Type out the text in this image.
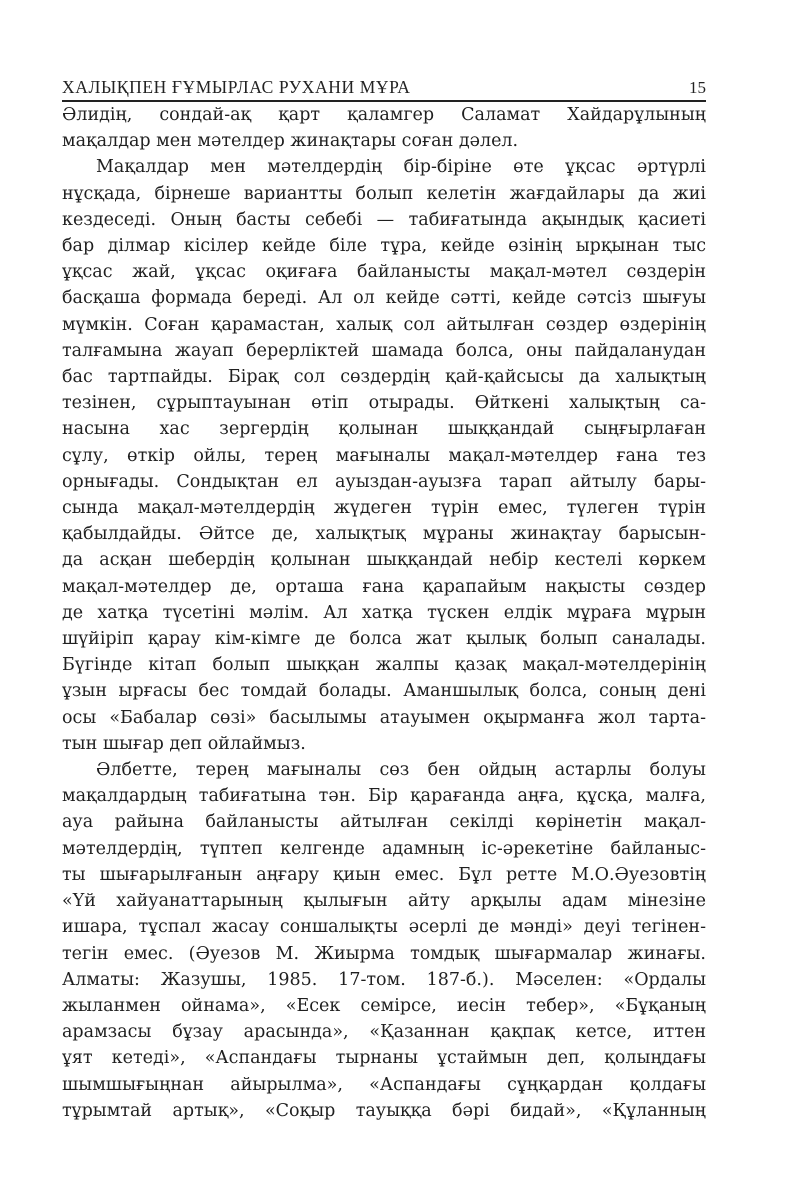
ХАЛЫҚПЕН ҒҰМЫРЛАС РУХАНИ МҰРА	15
Әлидің, сондай-ақ қарт қаламгер Саламат Хайдарұлының
мақалдар мен мәтелдер жинақтары соған дәлел.
Мақалдар мен мәтелдердің бір-біріне өте ұқсас әртүрлі
нұсқада, бірнеше вариантты болып келетін жағдайлары да жиі
кездеседі. Оның басты себебі — табиғатында ақындық қасиеті
бар ділмар кісілер кейде біле тұра, кейде өзінің ырқынан тыс
ұқсас жай, ұқсас оқиғаға байланысты мақал-мәтел сөздерін
басқаша формада береді. Ал ол кейде сәтті, кейде сәтсіз шығуы
мүмкін. Соған қарамастан, халық сол айтылған сөздер өздерінің
талғамына жауап берерліктей шамада болса, оны пайдаланудан
бас тартпайды. Бірақ сол сөздердің қай-қайсысы да халықтың
тезінен, сұрыптауынан өтіп отырады. Өйткені халықтың са-
насына хас зергердің қолынан шыққандай сыңғырлаған
сұлу, өткір ойлы, терең мағыналы мақал-мәтелдер ғана тез
орнығады. Сондықтан ел ауыздан-ауызға тарап айтылу бары-
сында мақал-мәтелдердің жүдеген түрін емес, түлеген түрін
қабылдайды. Әйтсе де, халықтық мұраны жинақтау барысын-
да асқан шебердің қолынан шыққандай небір кестелі көркем
мақал-мәтелдер де, орташа ғана қарапайым нақысты сөздер
де хатқа түсетіні мәлім. Ал хатқа түскен елдік мұраға мұрын
шүйіріп қарау кім-кімге де болса жат қылық болып саналады.
Бүгінде кітап болып шыққан жалпы қазақ мақал-мәтелдерінің
ұзын ырғасы бес томдай болады. Аманшылық болса, соның дені
осы «Бабалар сөзі» басылымы атауымен оқырманға жол тарта-
тын шығар деп ойлаймыз.
Әлбетте, терең мағыналы сөз бен ойдың астарлы болуы
мақалдардың табиғатына тән. Бір қарағанда аңға, құсқа, малға,
ауа райына байланысты айтылған секілді көрінетін мақал-
мәтелдердің, түптеп келгенде адамның іс-әрекетіне байланыс-
ты шығарылғанын аңғару қиын емес. Бұл ретте М.О.Әуезовтің
«Үй хайуанаттарының қылығын айту арқылы адам мінезіне
ишара, тұспал жасау соншалықты әсерлі де мәнді» деуі тегінен-
тегін емес. (Әуезов М. Жиырма томдық шығармалар жинағы.
Алматы: Жазушы, 1985. 17-том. 187-б.). Мәселен: «Ордалы
жыланмен ойнама», «Есек семірсе, иесін тебер», «Бұқаның
арамзасы бұзау арасында», «Қазаннан қақпақ кетсе, иттен
ұят кетеді», «Аспандағы тырнаны ұстаймын деп, қолыңдағы
шымшығыңнан айырылма», «Аспандағы сұңқардан қолдағы
тұрымтай артық», «Соқыр тауыққа бәрі бидай», «Құланның
